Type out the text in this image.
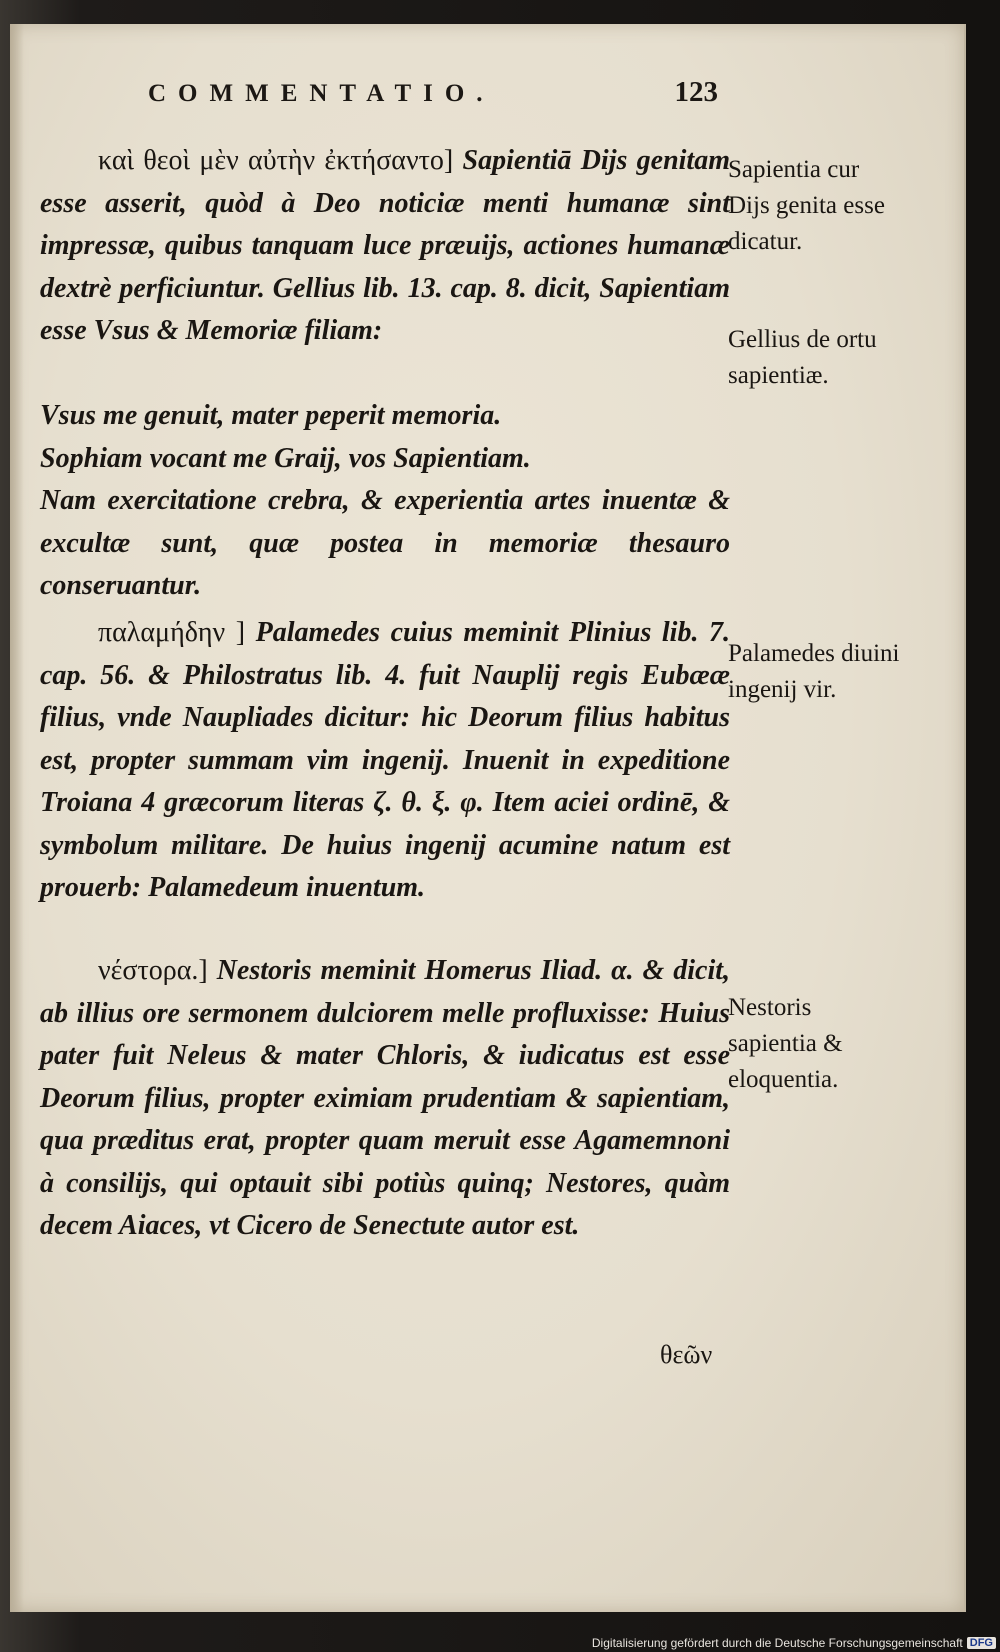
COMMENTATIO.	123

καὶ θεοὶ μὲν αὐτὴν ἐκτήσαντο] Sapientiā Dijs genitam esse asserit, quòd à Deo noticiæ menti humanæ sint impressæ, quibus tanquam luce præuijs, actiones humanæ dextrè perficiuntur. Gellius lib. 13. cap. 8. dicit, Sapientiam esse Vsus & Memoriæ filiam:

Vsus me genuit, mater peperit memoria.
Sophiam vocant me Graij, vos Sapientiam.

Nam exercitatione crebra, & experientia artes inuentæ & excultæ sunt, quæ postea in memoriæ thesauro conseruantur.

παλαμήδην ] Palamedes cuius meminit Plinius lib. 7. cap. 56. & Philostratus lib. 4. fuit Nauplij regis Eubææ filius, vnde Naupliades dicitur: hic Deorum filius habitus est, propter summam vim ingenij. Inuenit in expeditione Troiana 4 græcorum literas ζ. θ. ξ. φ. Item aciei ordinē, & symbolum militare. De huius ingenij acumine natum est prouerb: Palamedeum inuentum.

νέστορα.] Nestoris meminit Homerus Iliad. α. & dicit, ab illius ore sermonem dulciorem melle profluxisse: Huius pater fuit Neleus & mater Chloris, & iudicatus est esse Deorum filius, propter eximiam prudentiam & sapientiam, qua præditus erat, propter quam meruit esse Agamemnoni à consilijs, qui optauit sibi potiùs quinq; Nestores, quàm decem Aiaces, vt Cicero de Senectute autor est.

Sapientia cur Dijs genita esse dicatur.
Gellius de ortu sapientiæ.
Palamedes diuini ingenij vir.
Nestoris sapientia & eloquentia.
θεῶν
Digitalisierung gefördert durch die Deutsche Forschungsgemeinschaft DFG
